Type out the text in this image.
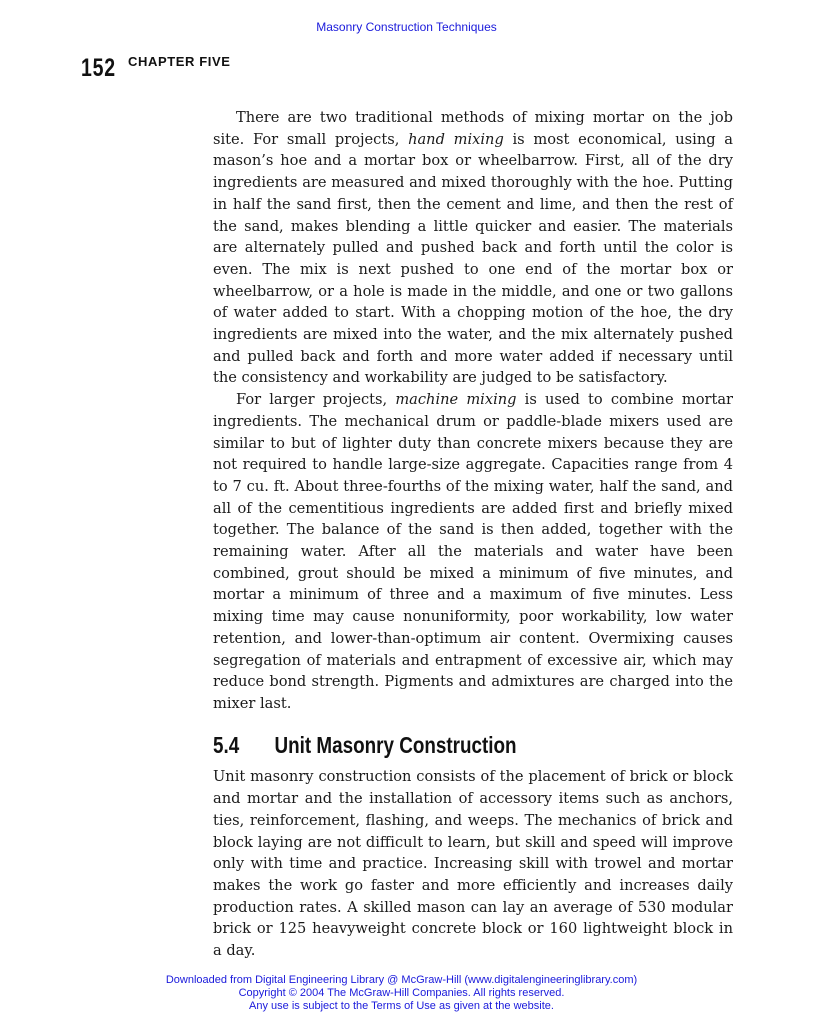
Masonry Construction Techniques
152 CHAPTER FIVE

There are two traditional methods of mixing mortar on the job site. For small projects, hand mixing is most economical, using a mason’s hoe and a mortar box or wheelbarrow. First, all of the dry ingredients are measured and mixed thoroughly with the hoe. Putting in half the sand first, then the cement and lime, and then the rest of the sand, makes blending a little quicker and easier. The materials are alternately pulled and pushed back and forth until the color is even. The mix is next pushed to one end of the mortar box or wheelbarrow, or a hole is made in the middle, and one or two gallons of water added to start. With a chopping motion of the hoe, the dry ingredients are mixed into the water, and the mix alternately pushed and pulled back and forth and more water added if necessary until the consistency and workability are judged to be satisfactory.

For larger projects, machine mixing is used to combine mortar ingredients. The mechanical drum or paddle-blade mixers used are similar to but of lighter duty than concrete mixers because they are not required to handle large-size aggregate. Capacities range from 4 to 7 cu. ft. About three-fourths of the mixing water, half the sand, and all of the cementitious ingredients are added first and briefly mixed together. The balance of the sand is then added, together with the remaining water. After all the materials and water have been combined, grout should be mixed a minimum of five minutes, and mortar a minimum of three and a maximum of five minutes. Less mixing time may cause nonuniformity, poor workability, low water retention, and lower-than-optimum air content. Overmixing causes segregation of materials and entrapment of excessive air, which may reduce bond strength. Pigments and admixtures are charged into the mixer last.

5.4 Unit Masonry Construction

Unit masonry construction consists of the placement of brick or block and mortar and the installation of accessory items such as anchors, ties, reinforcement, flashing, and weeps. The mechanics of brick and block laying are not difficult to learn, but skill and speed will improve only with time and practice. Increasing skill with trowel and mortar makes the work go faster and more efficiently and increases daily production rates. A skilled mason can lay an average of 530 modular brick or 125 heavyweight concrete block or 160 lightweight block in a day.

Downloaded from Digital Engineering Library @ McGraw-Hill (www.digitalengineeringlibrary.com)
Copyright © 2004 The McGraw-Hill Companies. All rights reserved.
Any use is subject to the Terms of Use as given at the website.
